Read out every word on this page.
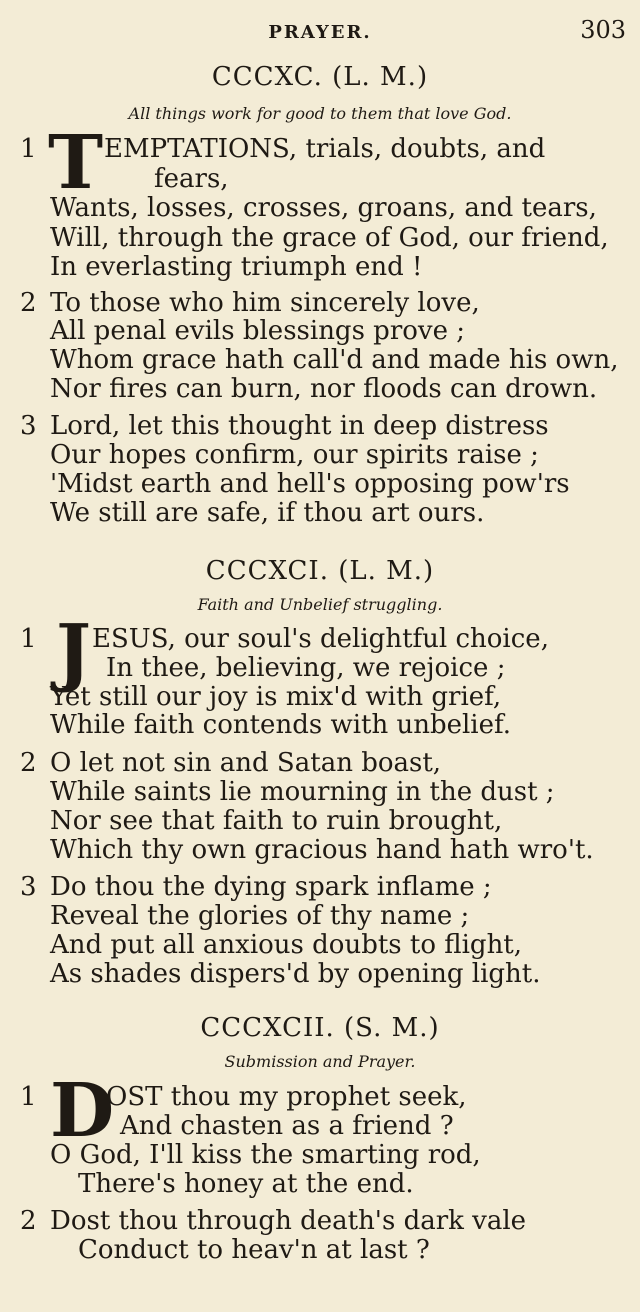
PRAYER.	303
CCCXC. (L. M.)
All things work for good to them that love God.
1 T EMPTATIONS, trials, doubts, and
fears,
Wants, losses, crosses, groans, and tears,
Will, through the grace of God, our friend,
In everlasting triumph end !
2 To those who him sincerely love,
All penal evils blessings prove ;
Whom grace hath call'd and made his own,
Nor fires can burn, nor floods can drown.
3 Lord, let this thought in deep distress
Our hopes confirm, our spirits raise ;
'Midst earth and hell's opposing pow'rs
We still are safe, if thou art ours.
CCCXCI. (L. M.)
Faith and Unbelief struggling.
1 J ESUS, our soul's delightful choice,
In thee, believing, we rejoice ;
Yet still our joy is mix'd with grief,
While faith contends with unbelief.
2 O let not sin and Satan boast,
While saints lie mourning in the dust ;
Nor see that faith to ruin brought,
Which thy own gracious hand hath wro't.
3 Do thou the dying spark inflame ;
Reveal the glories of thy name ;
And put all anxious doubts to flight,
As shades dispers'd by opening light.
CCCXCII. (S. M.)
Submission and Prayer.
1 D
OST thou my prophet seek,
And chasten as a friend ?
O God, I'll kiss the smarting rod,
There's honey at the end.
2 Dost thou through death's dark vale
Conduct to heav'n at last ?
